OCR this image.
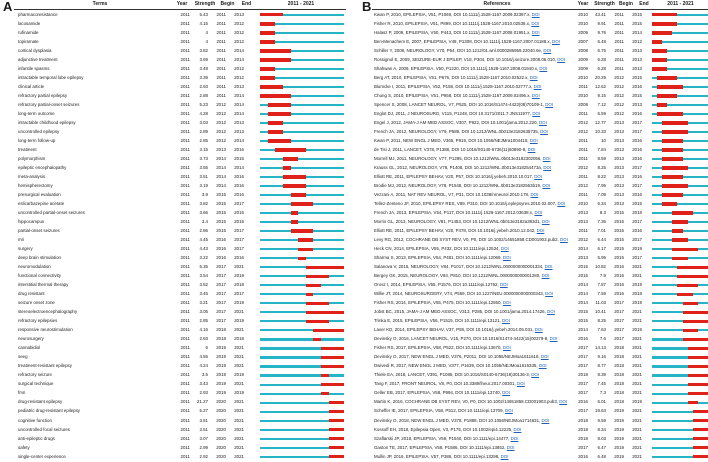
A	Terms	Year	Strength	Begin	End	2011 - 2021
pharmacoresistance	2011	5.43	2011	2013
lacosamide	2011	4.15	2011	2012
rufinamide	2011	4	2011	2012
topiramate	2011	4	2011	2012
cortical dysplasia	2011	3.82	2011	2014
adjunctive treatment	2011	3.69	2011	2014
infantile spasms	2011	3.48	2011	2012
intractable temporal lobe epilepsy	2011	3.39	2011	2012
clinical article	2011	2.93	2011	2013
refractory partial epilepsy	2011	2.88	2011	2014
refractory partial-onset seizures	2011	5.23	2012	2014
long-term outcome	2011	4.28	2012	2014
intractable childhood epilepsy	2011	3.03	2012	2013
uncontrolled epilepsy	2011	2.89	2012	2013
long-term follow-up	2011	2.85	2012	2014
treatment	2011	3.15	2013	2016
polymorphism	2011	3.73	2014	2015
epileptic encephalopathy	2011	3.55	2014	2014
meta-analysis	2011	3.51	2014	2016
hemispherectomy	2011	3.19	2014	2016
presurgical evaluation	2011	3.9	2015	2016
eslicarbazepine acetate	2011	3.82	2015	2017
uncontrolled partial-onset seizures	2011	3.66	2015	2015
hippocampus	2011	3.4	2015	2015
partial-onset seizures	2011	2.86	2015	2017
mri	2011	4.45	2016	2017
surgery	2011	4.43	2016	2017
deep brain stimulation	2011	3.22	2016	2016
neuromodulation	2011	5.35	2017	2021
functional connectivity	2011	3.54	2017	2019
interstitial thermal therapy	2011	3.52	2017	2018
drug resistant	2011	3.45	2017	2017
seizure onset zone	2011	3.21	2017	2019
stereoelectroencephalography	2011	3.05	2017	2021
refractory epilepsies	2011	2.85	2017	2019
responsive neurostimulation	2011	4.16	2018	2021
neurosurgery	2011	2.93	2018	2018
cannabidiol	2011	6	2019	2021
seeg	2011	4.55	2019	2021
treatment-resistant epilepsy	2011	4.24	2019	2021
refractory seizure	2011	3.5	2019	2019
surgical technique	2011	3.43	2019	2021
fmri	2011	2.93	2019	2019
drug-resistant epilepsy	2011	21.27	2020	2021
pediatric drug-resistant epilepsy	2011	5.27	2020	2021
cognitive function	2011	3.51	2020	2021
uncontrolled focal seizures	2011	3.51	2020	2021
anti-epileptic drugs	2011	3.07	2020	2021
safety	2011	2.99	2020	2021
single-center experience	2011	2.92	2020	2021
B	References	Year	Strength Begin	End	2011 - 2021
Kwan P, 2010, EPILEPSIA, V51, P1069, DOI 10.1111/j.1528-1167.2009.02397.x, DOI	2010	43.41	2011	2015
Fisher R, 2010, EPILEPSIA, V51, P899, DOI 10.1111/j.1528-1167.2010.02536.x, DOI	2010	9.91	2011	2015
Halasz P, 2009, EPILEPSIA, V50, P443, DOI 10.1111/j.1528-1167.2008.01951.x, DOI	2009	9.76	2011	2014
Ben-Menachem E, 2007, EPILEPSIA, V48, P1308, DOI 10.1111/j.1528-1167.2007.01188.x, DOI	2007	6.48	2011	2012
Schiller Y, 2008, NEUROLOGY, V70, P54, DOI 10.1212/01.wnl.0000286959.22040.6e, DOI	2008	6.76	2011	2013
Rossignol E, 2009, SEIZURE-EUR J EPILEP, V18, P304, DOI 10.1016/j.seizure.2008.06.010, DOI	2009	6.28	2011	2013
Shahwan A, 2009, EPILEPSIA, V50, P1220, DOI 10.1111/j.1528-1167.2008.01940.x, DOI	2009	6.28	2011	2013
Berg AT, 2010, EPILEPSIA, V51, P676, DOI 10.1111/j.1528-1167.2010.02522.x, DOI	2010	20.29	2012	2015
Blumcke I, 2011, EPILEPSIA, V52, P158, DOI 10.1111/j.1528-1167.2010.02777.x, DOI	2011	12.62	2012	2016
Chung S, 2010, EPILEPSIA, V51, P958, DOI 10.1111/j.1528-1167.2009.02496.x, DOI	2010	9.15	2012	2015
Spencer S, 2008, LANCET NEUROL, V7, P525, DOI 10.1016/S1474-4422(08)70109-1, DOI	2008	7.12	2012	2013
Englot DJ, 2011, J NEUROSURG, V115, P1248, DOI 10.3171/2011.7.JNS11977, DOI	2011	6.59	2012	2016
Engel J, 2012, JAMA-J AM MED ASSOC, V307, P922, DOI 10.1001/jama.2012.220, DOI	2012	12.77	2013	2017
French JA, 2012, NEUROLOGY, V79, P589, DOI 10.1212/WNL.0b013e3182635735, DOI	2012	10.33	2013	2017
Kwan P, 2011, NEW ENGL J MED, V365, P919, DOI 10.1056/NEJMra1004418, DOI	2011	10	2013	2016
de Tisi J, 2011, LANCET, V378, P1388, DOI 10.1016/S0140-6736(11)60890-8, DOI	2011	7.84	2013	2016
Morrell MJ, 2011, NEUROLOGY, V77, P1295, DOI 10.1212/WNL.0b013e3182302056, DOI	2011	8.59	2013	2016
Krauss GL, 2012, NEUROLOGY, V78, P1408, DOI 10.1212/WNL.0b013e318254473a, DOI	2012	8.25	2013	2017
Elliott RE, 2011, EPILEPSY BEHAV, V20, P57, DOI 10.1016/j.yebeh.2010.10.017, DOI	2011	8.22	2013	2016
Brodie MJ, 2012, NEUROLOGY, V78, P1548, DOI 10.1212/WNL.0b013e3182563b19, DOI	2012	7.95	2013	2017
Vezzani A, 2011, NAT REV NEUROL, V7, P31, DOI 10.1038/nrneurol.2010.178, DOI	2011	7.09	2013	2016
Tellez-Zenteno JF, 2010, EPILEPSY RES, V89, P310, DOI 10.1016/j.eplepsyres.2010.02.007, DOI	2010	6.34	2013	2015
French JA, 2013, EPILEPSIA, V54, P117, DOI 10.1111/j.1528-1167.2012.03638.x, DOI	2013	8.3	2015	2018
Morris GL, 2013, NEUROLOGY, V81, P1453, DOI 10.1212/WNL.0b013e3182a393d1, DOI	2013	7.36	2015	2017
Elliott RE, 2011, EPILEPSY BEHAV, V20, P478, DOI 10.1016/j.yebeh.2010.12.042, DOI	2011	7.01	2015	2016
Levy RG, 2012, COCHRANE DB SYST REV, V0, P0, DOI 10.1002/14651858.CD001903.pub2, DOI	2012	6.44	2015	2017
Heck CN, 2014, EPILEPSIA, V55, P432, DOI 10.1111/epi.12534, DOI	2014	6.17	2015	2019
Sharma S, 2013, EPILEPSIA, V54, P481, DOI 10.1111/epi.12069, DOI	2013	5.95	2015	2017
Salanova V, 2015, NEUROLOGY, V84, P1017, DOI 10.1212/WNL.0000000000001334, DOI	2015	10.82	2016	2021
Bergey GK, 2015, NEUROLOGY, V84, P810, DOI 10.1212/WNL.0000000000001280, DOI	2015	7.9	2016	2021
Orosz I, 2014, EPILEPSIA, V55, P1576, DOI 10.1111/epi.12762, DOI	2014	7.87	2016	2019
Willie JT, 2014, NEUROSURGERY, V74, P569, DOI 10.1227/NEU.0000000000000343, DOI	2014	7.59	2016	2018
Fisher RS, 2014, EPILEPSIA, V55, P475, DOI 10.1111/epi.12550, DOI	2014	11.03	2017	2019
Jobst BC, 2015, JAMA-J AM MED ASSOC, V313, P285, DOI 10.1001/jama.2014.17426, DOI	2015	10.41	2017	2021
Trinka E, 2015, EPILEPSIA, V56, P1515, DOI 10.1111/epi.13121, DOI	2015	8.25	2017	2021
Laxer KD, 2014, EPILEPSY BEHAV, V37, P59, DOI 10.1016/j.yebeh.2014.05.031, DOI	2014	7.63	2017	2019
Devinsky O, 2016, LANCET NEUROL, V15, P270, DOI 10.1016/S1474-4422(15)00379-8, DOI	2016	7.6	2017	2021
Fisher RS, 2017, EPILEPSIA, V58, P522, DOI 10.1111/epi.13670, DOI	2017	14.13	2018	2021
Devinsky O, 2017, NEW ENGL J MED, V376, P2011, DOI 10.1056/NEJMoa1611618, DOI	2017	9.16	2018	2021
Dwivedi R, 2017, NEW ENGL J MED, V377, P1639, DOI 10.1056/NEJMoa1615335, DOI	2017	8.77	2018	2021
Thiele EA, 2018, LANCET, V391, P1085, DOI 10.1016/S0140-6736(18)30136-3, DOI	2018	8.39	2018	2021
Tang F, 2017, FRONT NEUROL, V8, P0, DOI 10.3389/fneur.2017.00301, DOI	2017	7.45	2018	2021
Geller EB, 2017, EPILEPSIA, V58, P994, DOI 10.1111/epi.13740, DOI	2017	7.3	2018	2021
Martin K, 2016, COCHRANE DB SYST REV, V0, P0, DOI 10.1002/14651858.CD001903.pub3, DOI	2016	6.01	2018	2019
Scheffer IE, 2017, EPILEPSIA, V58, P512, DOI 10.1111/epi.13709, DOI	2017	19.63	2019	2021
Devinsky O, 2018, NEW ENGL J MED, V378, P1888, DOI 10.1056/NEJMoa1714631, DOI	2018	9.59	2019	2021
Kossoff EH, 2018, Epilepsia Open, V3, P175, DOI 10.1002/epi4.12225, DOI	2018	8.34	2019	2021
Szaflarski JP, 2018, EPILEPSIA, V59, P1540, DOI 10.1111/epi.14477, DOI	2018	8.03	2019	2021
Gaston TE, 2017, EPILEPSIA, V58, P1586, DOI 10.1111/epi.13852, DOI	2017	6.47	2019	2021
Mullin JP, 2016, EPILEPSIA, V57, P386, DOI 10.1111/epi.13298, DOI	2016	6.48	2019	2021
